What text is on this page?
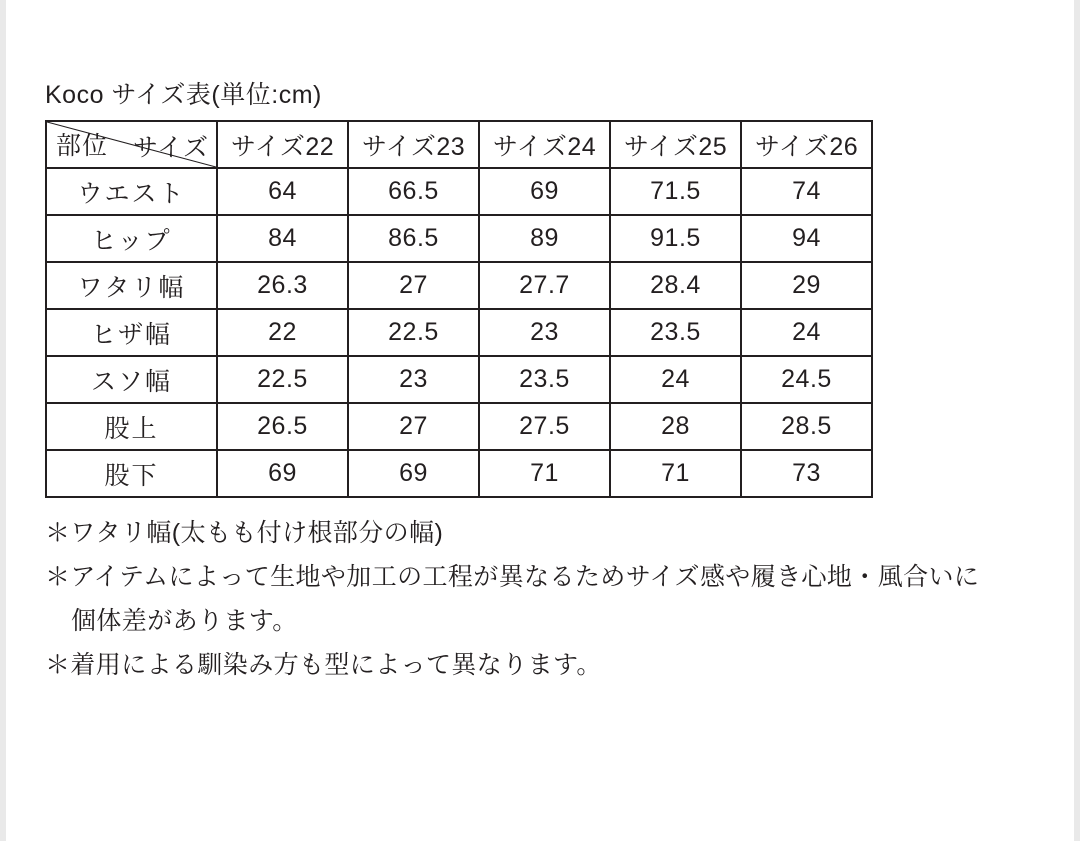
Koco サイズ表(単位:cm)
サイズ
部位	サイズ22	サイズ23	サイズ24	サイズ25	サイズ26
ウエスト	64	66.5	69	71.5	74
ヒップ	84	86.5	89	91.5	94
ワタリ幅	26.3	27	27.7	28.4	29
ヒザ幅	22	22.5	23	23.5	24
スソ幅	22.5	23	23.5	24	24.5
股上	26.5	27	27.5	28	28.5
股下	69	69	71	71	73
＊ワタリ幅(太もも付け根部分の幅)
＊アイテムによって生地や加工の工程が異なるためサイズ感や履き心地・風合いに
個体差があります。
＊着用による馴染み方も型によって異なります。
